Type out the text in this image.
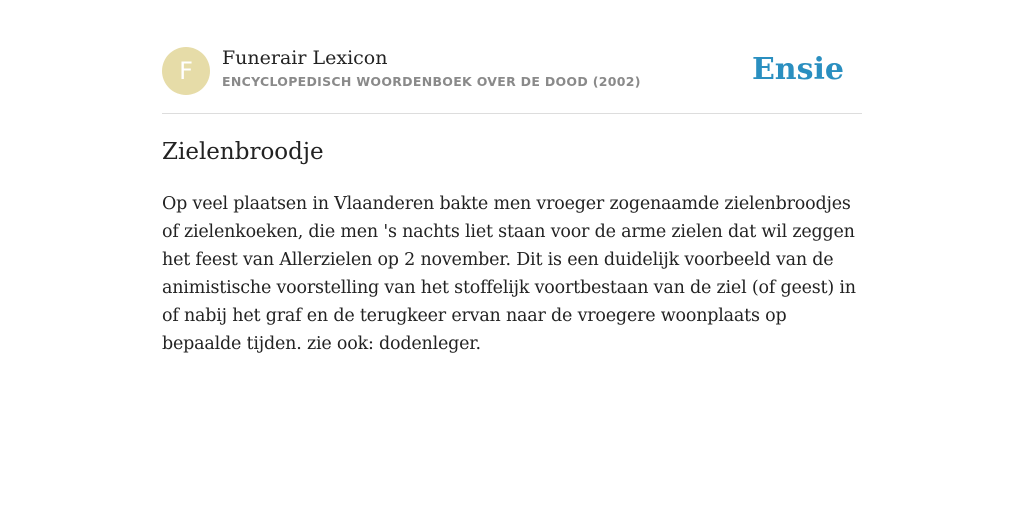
F	Funerair Lexicon
ENCYCLOPEDISCH WOORDENBOEK OVER DE DOOD (2002)	Ensie
Zielenbroodje

Op veel plaatsen in Vlaanderen bakte men vroeger zogenaamde zielenbroodjes of zielenkoeken, die men 's nachts liet staan voor de arme zielen dat wil zeggen het feest van Allerzielen op 2 november. Dit is een duidelijk voorbeeld van de animistische voorstelling van het stoffelijk voortbestaan van de ziel (of geest) in of nabij het graf en de terugkeer ervan naar de vroegere woonplaats op bepaalde tijden. zie ook: dodenleger.
